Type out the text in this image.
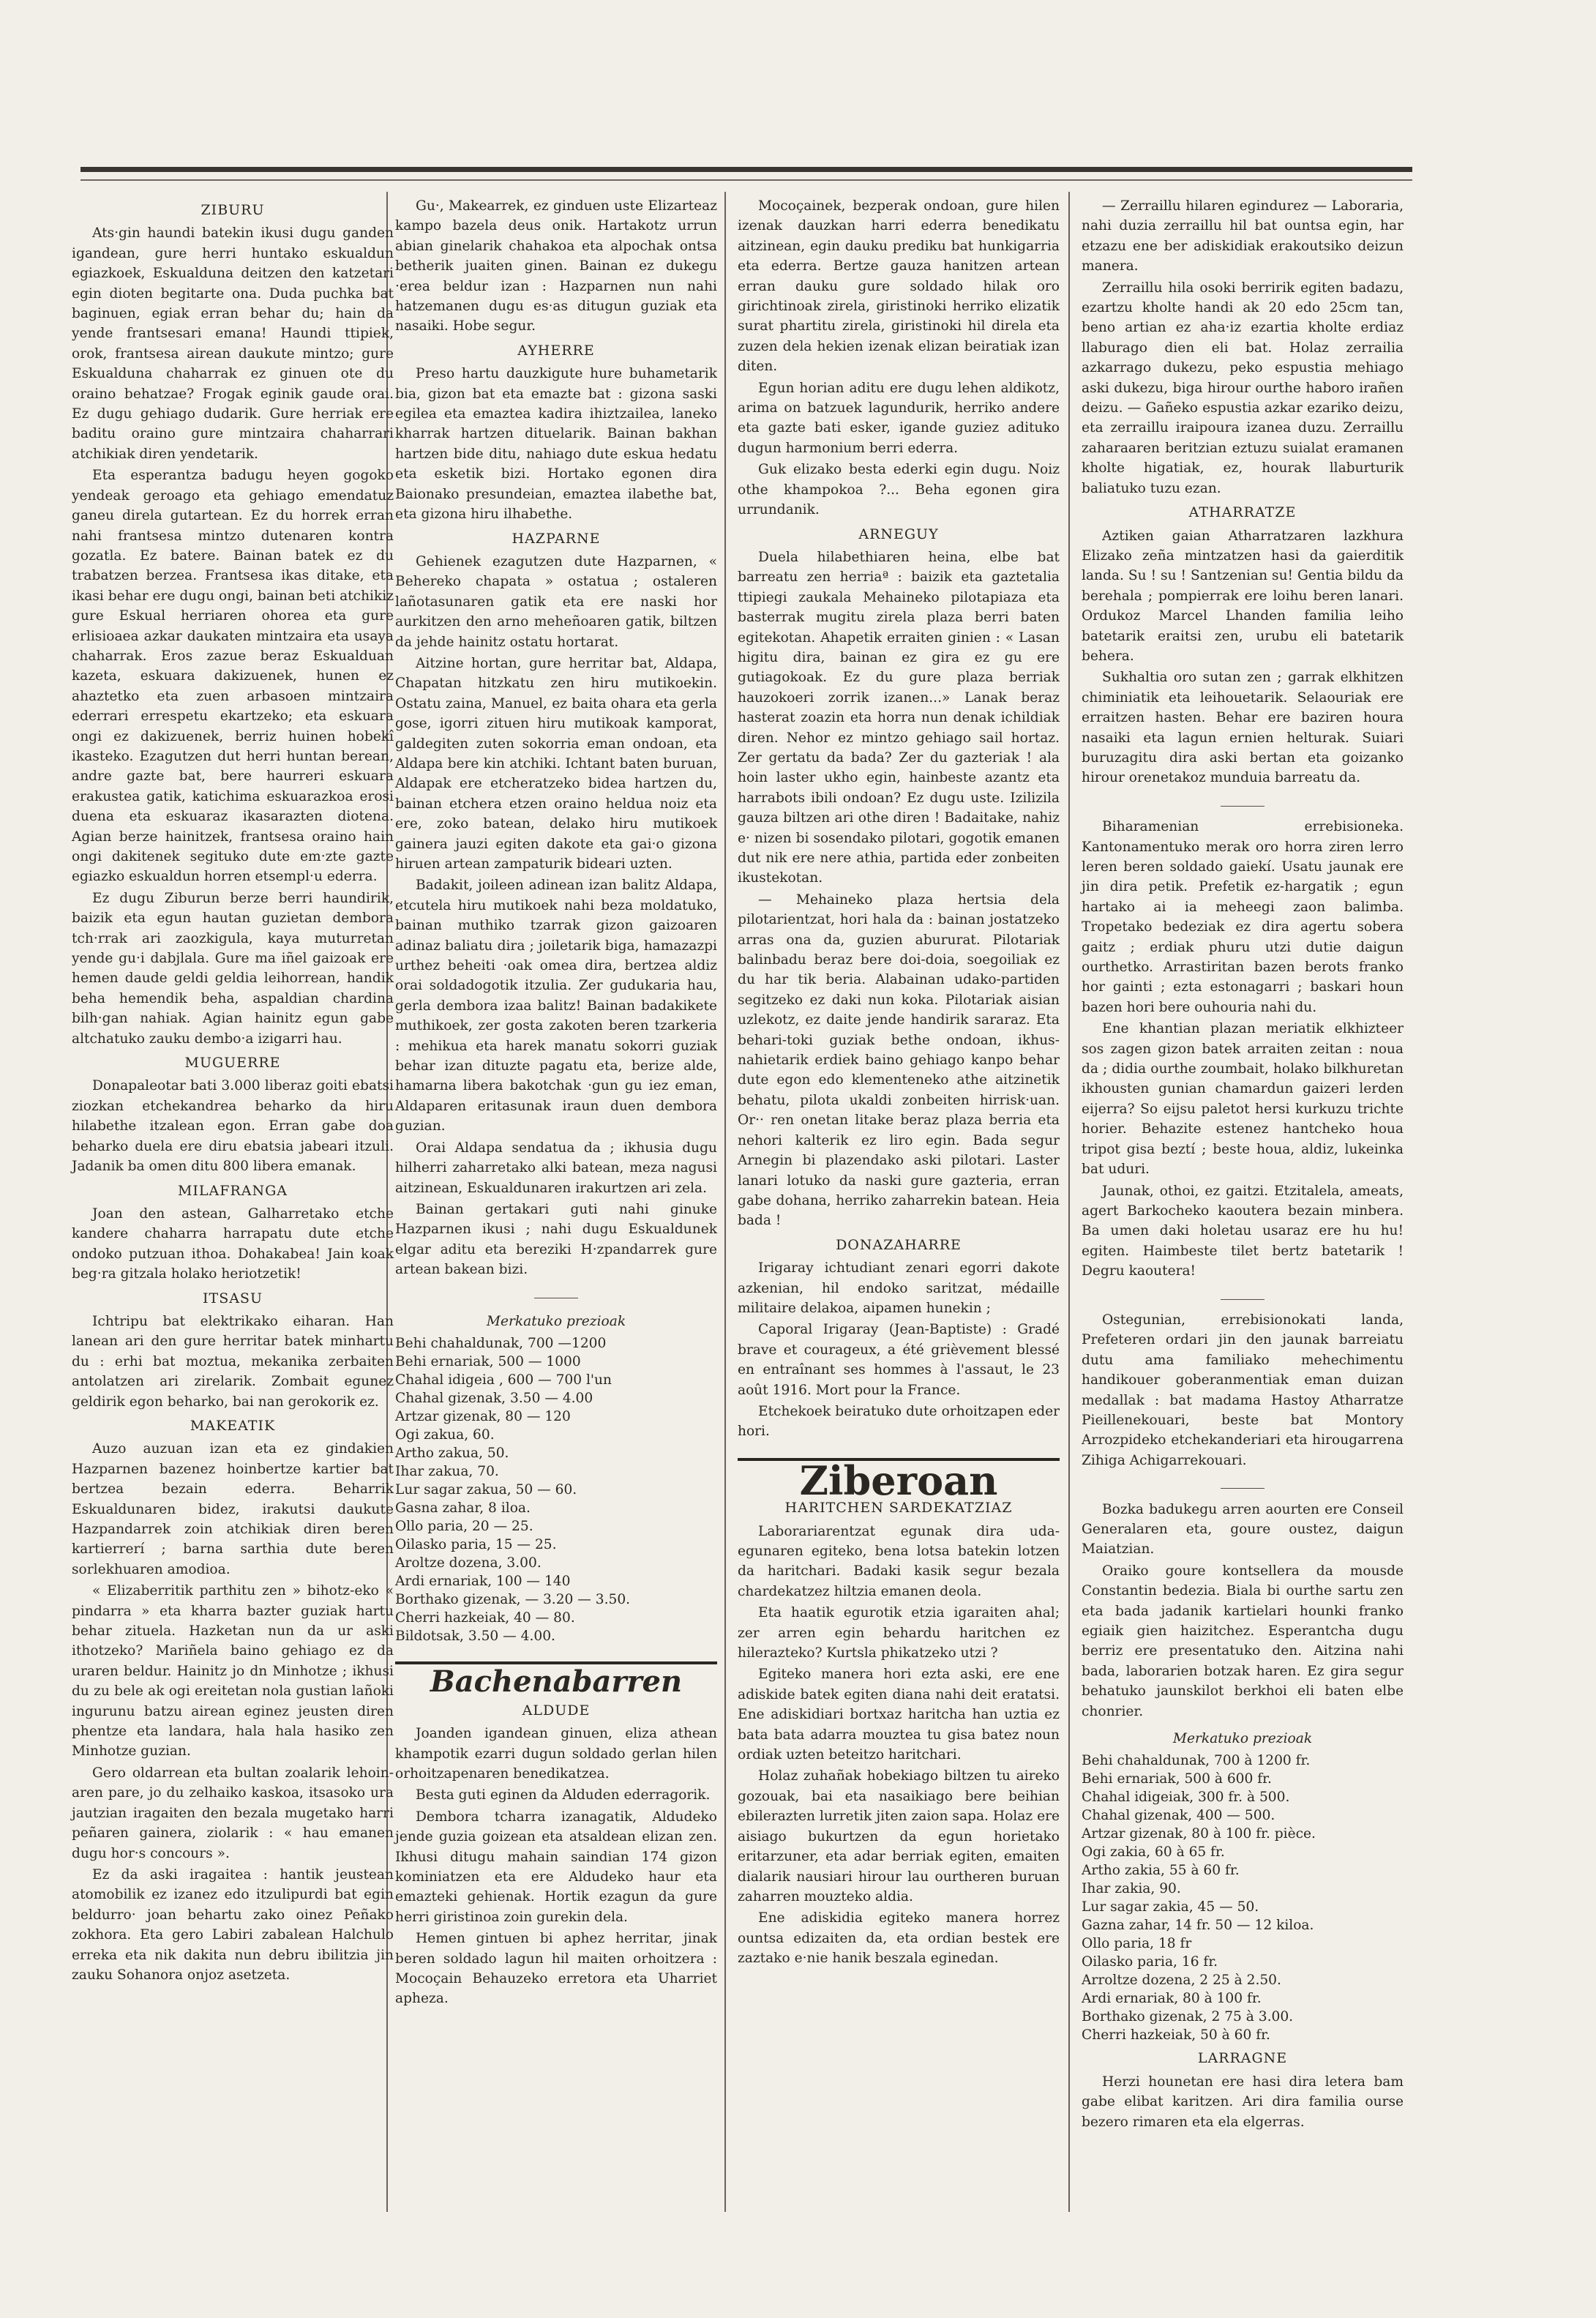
ZIBURU

Ats·gin haundi batekin ikusi dugu ganden igandean, gure herri huntako eskualdun egiazkoek, Eskualduna deitzen den katzetari egin dioten begitarte ona. Duda puchka bat baginuen, egiak erran behar du; hain da yende frantsesari emana! Haundi ttipiek, orok, frantsesa airean daukute mintzo; gure Eskualduna chaharrak ez ginuen ote du oraino behatzae? Frogak eginik gaude orai. Ez dugu gehiago dudarik. Gure herriak ere baditu oraino gure mintzaira chaharrari atchikiak diren yendetarik.

Eta esperantza badugu heyen gogoko yendeak geroago eta gehiago emendatuz ganeu direla gutartean. Ez du horrek erran nahi frantsesa mintzo dutenaren kontra gozatla. Ez batere. Bainan batek ez du trabatzen berzea. Frantsesa ikas ditake, eta ikasi behar ere dugu ongi, bainan beti atchikiz gure Eskual herriaren ohorea eta gure erlisioaea azkar daukaten mintzaira eta usaya chaharrak. Eros zazue beraz Eskualduan kazeta, eskuara dakizuenek, hunen ez ahaztetko eta zuen arbasoen mintzaira ederrari errespetu ekartzeko; eta eskuara ongi ez dakizuenek, berriz huinen hobekî ikasteko. Ezagutzen dut herri huntan berean, andre gazte bat, bere haurreri eskuara erakustea gatik, katichima eskuarazkoa erosi duena eta eskuaraz ikasarazten diotena. Agian berze hainitzek, frantsesa oraino hain ongi dakitenek segituko dute em·zte gazte egiazko eskualdun horren etsempl·u ederra.

Ez dugu Ziburun berze berri haundirik, baizik eta egun hautan guzietan dembora tch·rrak ari zaozkigula, kaya muturretan yende gu·i dabjlala. Gure ma iñel gaizoak ere hemen daude geldi geldia leihorrean, handik beha hemendik beha, aspaldian chardina bilh·gan nahiak. Agian hainitz egun gabe altchatuko zauku dembo·a izigarri hau.

MUGUERRE

Donapaleotar bati 3.000 liberaz goiti ebatsi ziozkan etchekandrea beharko da hiru hilabethe itzalean egon. Erran gabe doa beharko duela ere diru ebatsia jabeari itzuli. Jadanik ba omen ditu 800 libera emanak.

MILAFRANGA

Joan den astean, Galharretako etche kandere chaharra harrapatu dute etche ondoko putzuan ithoa. Dohakabea! Jain koak beg·ra gitzala holako heriotzetik!

ITSASU

Ichtripu bat elektrikako eiharan. Han lanean ari den gure herritar batek minhartu du : erhi bat moztua, mekanika zerbaiten antolatzen ari zirelarik. Zombait egunez geldirik egon beharko, bai nan gerokorik ez.

MAKEATIK

Auzo auzuan izan eta ez gindakien Hazparnen bazenez hoinbertze kartier bat bertzea bezain ederra. Beharrik Eskualdunaren bidez, irakutsi daukute Hazpandarrek zoin atchikiak diren beren kartierrerí ; barna sarthia dute beren sorlekhuaren amodioa.

« Elizaberritik parthitu zen » bihotz-eko « pindarra » eta kharra bazter guziak hartu behar zituela. Hazketan nun da ur aski ithotzeko? Mariñela baino gehiago ez da uraren beldur. Hainitz jo dn Minhotze ; ikhusi du zu bele ak ogi ereitetan nola gustian lañoki ingurunu batzu airean eginez jeusten diren phentze eta landara, hala hala hasiko zen Minhotze guzian.

Gero oldarrean eta bultan zoalarik lehoin-aren pare, jo du zelhaiko kaskoa, itsasoko ura jautzian iragaiten den bezala mugetako harri peñaren gainera, ziolarik : « hau emanen dugu hor·s concours ».

Ez da aski iragaitea : hantik jeustean atomobilik ez izanez edo itzulipurdi bat egin beldurro· joan behartu zako oinez Peñako zokhora. Eta gero Labiri zabalean Halchulo erreka eta nik dakita nun debru ibilitzia jin zauku Sohanora onjoz asetzeta.

Gu·, Makearrek, ez ginduen uste Elizarteaz kampo bazela deus onik. Hartakotz urrun abian ginelarik chahakoa eta alpochak ontsa betherik juaiten ginen. Bainan ez dukegu ·erea beldur izan : Hazparnen nun nahi hatzemanen dugu es·as ditugun guziak eta nasaiki. Hobe segur.

AYHERRE

Preso hartu dauzkigute hure buhametarik bia, gizon bat eta emazte bat : gizona saski egilea eta emaztea kadira ihiztzailea, laneko kharrak hartzen dituelarik. Bainan bakhan hartzen bide ditu, nahiago dute eskua hedatu eta esketik bizi. Hortako egonen dira Baionako presundeian, emaztea ilabethe bat, eta gizona hiru ilhabethe.

HAZPARNE

Gehienek ezagutzen dute Hazparnen, « Behereko chapata » ostatua ; ostaleren lañotasunaren gatik eta ere naski hor aurkitzen den arno meheñoaren gatik, biltzen da jehde hainitz ostatu hortarat.

Aitzine hortan, gure herritar bat, Aldapa, Chapatan hitzkatu zen hiru mutikoekin. Ostatu zaina, Manuel, ez baita ohara eta gerla gose, igorri zituen hiru mutikoak kamporat, galdegiten zuten sokorria eman ondoan, eta Aldapa bere kin atchiki. Ichtant baten buruan, Aldapak ere etcheratzeko bidea hartzen du, bainan etchera etzen oraino heldua noiz eta ere, zoko batean, delako hiru mutikoek gainera jauzi egiten dakote eta gai·o gizona hiruen artean zampaturik bideari uzten.

Badakit, joileen adinean izan balitz Aldapa, etcutela hiru mutikoek nahi beza moldatuko, bainan muthiko tzarrak gizon gaizoaren adinaz baliatu dira ; joiletarik biga, hamazazpi urthez beheiti ·oak omea dira, bertzea aldiz orai soldadogotik itzulia. Zer gudukaria hau, gerla dembora izaa balitz! Bainan badakikete muthikoek, zer gosta zakoten beren tzarkeria : mehikua eta harek manatu sokorri guziak behar izan dituzte pagatu eta, berize alde, hamarna libera bakotchak ·gun gu iez eman, Aldaparen eritasunak iraun duen dembora guzian.

Orai Aldapa sendatua da ; ikhusia dugu hilherri zaharretako alki batean, meza nagusi aitzinean, Eskualdunaren irakurtzen ari zela.

Bainan gertakari guti nahi ginuke Hazparnen ikusi ; nahi dugu Eskualdunek elgar aditu eta bereziki H·zpandarrek gure artean bakean bizi.

Merkatuko prezioak
Behi chahaldunak, 700 —1200
Behi ernariak, 500 — 1000
Chahal idigeia , 600 — 700 l'un
Chahal gizenak, 3.50 — 4.00
Artzar gizenak, 80 — 120
Ogi zakua, 60.
Artho zakua, 50.
Ihar zakua, 70.
Lur sagar zakua, 50 — 60.
Gasna zahar, 8 iloa.
Ollo paria, 20 — 25.
Oilasko paria, 15 — 25.
Aroltze dozena, 3.00.
Ardi ernariak, 100 — 140
Borthako gizenak, — 3.20 — 3.50.
Cherri hazkeiak, 40 — 80.
Bildotsak, 3.50 — 4.00.
Bachenabarren
ALDUDE

Joanden igandean ginuen, eliza athean khampotik ezarri dugun soldado gerlan hilen orhoitzapenaren benedikatzea.

Besta guti eginen da Alduden ederragorik.

Dembora tcharra izanagatik, Aldudeko jende guzia goizean eta atsaldean elizan zen. Ikhusi ditugu mahain saindian 174 gizon kominiatzen eta ere Aldudeko haur eta emazteki gehienak. Hortik ezagun da gure herri giristinoa zoin gurekin dela.

Hemen gintuen bi aphez herritar, jinak beren soldado lagun hil maiten orhoitzera : Mocoçain Behauzeko erretora eta Uharriet apheza.

Mocoçainek, bezperak ondoan, gure hilen izenak dauzkan harri ederra benedikatu aitzinean, egin dauku prediku bat hunkigarria eta ederra. Bertze gauza hanitzen artean erran dauku gure soldado hilak oro girichtinoak zirela, giristinoki herriko elizatik surat phartitu zirela, giristinoki hil direla eta zuzen dela hekien izenak elizan beiratiak izan diten.

Egun horian aditu ere dugu lehen aldikotz, arima on batzuek lagundurik, herriko andere eta gazte bati esker, igande guziez adituko dugun harmonium berri ederra.

Guk elizako besta ederki egin dugu. Noiz othe khampokoa ?... Beha egonen gira urrundanik.

ARNEGUY

Duela hilabethiaren heina, elbe bat barreatu zen herriaª : baizik eta gaztetalia ttipiegi zaukala Mehaineko pilotapiaza eta basterrak mugitu zirela plaza berri baten egitekotan. Ahapetik erraiten ginien : « Lasan higitu dira, bainan ez gira ez gu ere gutiagokoak. Ez du gure plaza berriak hauzokoeri zorrik izanen...» Lanak beraz hasterat zoazin eta horra nun denak ichildiak diren. Nehor ez mintzo gehiago sail hortaz. Zer gertatu da bada? Zer du gazteriak ! ala hoin laster ukho egin, hainbeste azantz eta harrabots ibili ondoan? Ez dugu uste. Izilizila gauza biltzen ari othe diren ! Badaitake, nahiz e· nizen bi sosendako pilotari, gogotik emanen dut nik ere nere athia, partida eder zonbeiten ikustekotan.

— Mehaineko plaza hertsia dela pilotarientzat, hori hala da : bainan jostatzeko arras ona da, guzien abururat. Pilotariak balinbadu beraz bere doi-doia, soegoiliak ez du har tik beria. Alabainan udako-partiden segitzeko ez daki nun koka. Pilotariak aisian uzlekotz, ez daite jende handirik sararaz. Eta behari-toki guziak bethe ondoan, ikhus-nahietarik erdiek baino gehiago kanpo behar dute egon edo klementeneko athe aitzinetik behatu, pilota ukaldi zonbeiten hirrisk·uan. Or·· ren onetan litake beraz plaza berria eta nehori kalterik ez liro egin. Bada segur Arnegin bi plazendako aski pilotari. Laster lanari lotuko da naski gure gazteria, erran gabe dohana, herriko zaharrekin batean. Heia bada !

DONAZAHARRE

Irigaray ichtudiant zenari egorri dakote azkenian, hil endoko saritzat, médaille militaire delakoa, aipamen hunekin ;

Caporal Irigaray (Jean-Baptiste) : Gradé brave et courageux, a été grièvement blessé en entraînant ses hommes à l'assaut, le 23 août 1916. Mort pour la France.

Etchekoek beiratuko dute orhoitzapen eder hori.

Ziberoan
HARITCHEN SARDEKATZIAZ

Laborariarentzat egunak dira uda-egunaren egiteko, bena lotsa batekin lotzen da haritchari. Badaki kasik segur bezala chardekatzez hiltzia emanen deola.

Eta haatik egurotik etzia igaraiten ahal; zer arren egin behardu haritchen ez hilerazteko? Kurtsla phikatzeko utzi ?

Egiteko manera hori ezta aski, ere ene adiskide batek egiten diana nahi deit eratatsi. Ene adiskidiari bortxaz haritcha han uztia ez bata bata adarra mouztea tu gisa batez noun ordiak uzten beteitzo haritchari.

Holaz zuhañak hobekiago biltzen tu aireko gozouak, bai eta nasaikiago bere beihian ebilerazten lurretik jiten zaion sapa. Holaz ere aisiago bukurtzen da egun horietako eritarzuner, eta adar berriak egiten, emaiten dialarik nausiari hirour lau ourtheren buruan zaharren mouzteko aldia.

Ene adiskidia egiteko manera horrez ountsa edizaiten da, eta ordian bestek ere zaztako e·nie hanik beszala eginedan.

— Zerraillu hilaren egindurez — Laboraria, nahi duzia zerraillu hil bat ountsa egin, har etzazu ene ber adiskidiak erakoutsiko deizun manera.

Zerraillu hila osoki berririk egiten badazu, ezartzu kholte handi ak 20 edo 25cm tan, beno artian ez aha·iz ezartia kholte erdiaz llaburago dien eli bat. Holaz zerrailia azkarrago dukezu, peko espustia mehiago aski dukezu, biga hirour ourthe haboro irañen deizu. — Gañeko espustia azkar ezariko deizu, eta zerraillu iraipoura izanea duzu. Zerraillu zaharaaren beritzian eztuzu suialat eramanen kholte higatiak, ez, hourak llaburturik baliatuko tuzu ezan.

ATHARRATZE

Aztiken gaian Atharratzaren lazkhura Elizako zeña mintzatzen hasi da gaierditik landa. Su ! su ! Santzenian su! Gentia bildu da berehala ; pompierrak ere loihu beren lanari. Ordukoz Marcel Lhanden familia leiho batetarik eraitsi zen, urubu eli batetarik behera.

Sukhaltia oro sutan zen ; garrak elkhitzen chiminiatik eta leihouetarik. Selaouriak ere erraitzen hasten. Behar ere baziren houra nasaiki eta lagun ernien helturak. Suiari buruzagitu dira aski bertan eta goizanko hirour orenetakoz munduia barreatu da.

Biharamenian errebisioneka. Kantonamentuko merak oro horra ziren lerro leren beren soldado gaiekí. Usatu jaunak ere jin dira petik. Prefetik ez-hargatik ; egun hartako ai ia meheegi zaon balimba. Tropetako bedeziak ez dira agertu sobera gaitz ; erdiak phuru utzi dutie daigun ourthetko. Arrastiritan bazen berots franko hor gainti ; ezta estonagarri ; baskari houn bazen hori bere ouhouria nahi du.

Ene khantian plazan meriatik elkhizteer sos zagen gizon batek arraiten zeitan : noua da ; didia ourthe zoumbait, holako bilkhuretan ikhousten gunian chamardun gaizeri lerden eijerra? So eijsu paletot hersi kurkuzu trichte horier. Behazite estenez hantcheko houa tripot gisa beztí ; beste houa, aldiz, lukeinka bat uduri.

Jaunak, othoi, ez gaitzi. Etzitalela, ameats, agert Barkocheko kaoutera bezain minbera. Ba umen daki holetau usaraz ere hu hu! egiten. Haimbeste tilet bertz batetarik ! Degru kaoutera!

Ostegunian, errebisionokati landa, Prefeteren ordari jin den jaunak barreiatu dutu ama familiako mehechimentu handikouer goberanmentiak eman duizan medallak : bat madama Hastoy Atharratze Pieillenekouari, beste bat Montory Arrozpideko etchekanderiari eta hirougarrena Zihiga Achigarrekouari.

Bozka badukegu arren aourten ere Conseil Generalaren eta, goure oustez, daigun Maiatzian.

Oraiko goure kontsellera da mousde Constantin bedezia. Biala bi ourthe sartu zen eta bada jadanik kartielari hounki franko egiaik gien haizitchez. Esperantcha dugu berriz ere presentatuko den. Aitzina nahi bada, laborarien botzak haren. Ez gira segur behatuko jaunskilot berkhoi eli baten elbe chonrier.

Merkatuko prezioak
Behi chahaldunak, 700 à 1200 fr.
Behi ernariak, 500 à 600 fr.
Chahal idigeiak, 300 fr. à 500.
Chahal gizenak, 400 — 500.
Artzar gizenak, 80 à 100 fr. pièce.
Ogi zakia, 60 à 65 fr.
Artho zakia, 55 à 60 fr.
Ihar zakia, 90.
Lur sagar zakia, 45 — 50.
Gazna zahar, 14 fr. 50 — 12 kiloa.
Ollo paria, 18 fr
Oilasko paria, 16 fr.
Arroltze dozena, 2 25 à 2.50.
Ardi ernariak, 80 à 100 fr.
Borthako gizenak, 2 75 à 3.00.
Cherri hazkeiak, 50 à 60 fr.
LARRAGNE

Herzi hounetan ere hasi dira letera bam gabe elibat karitzen. Ari dira familia ourse bezero rimaren eta ela elgerras.
